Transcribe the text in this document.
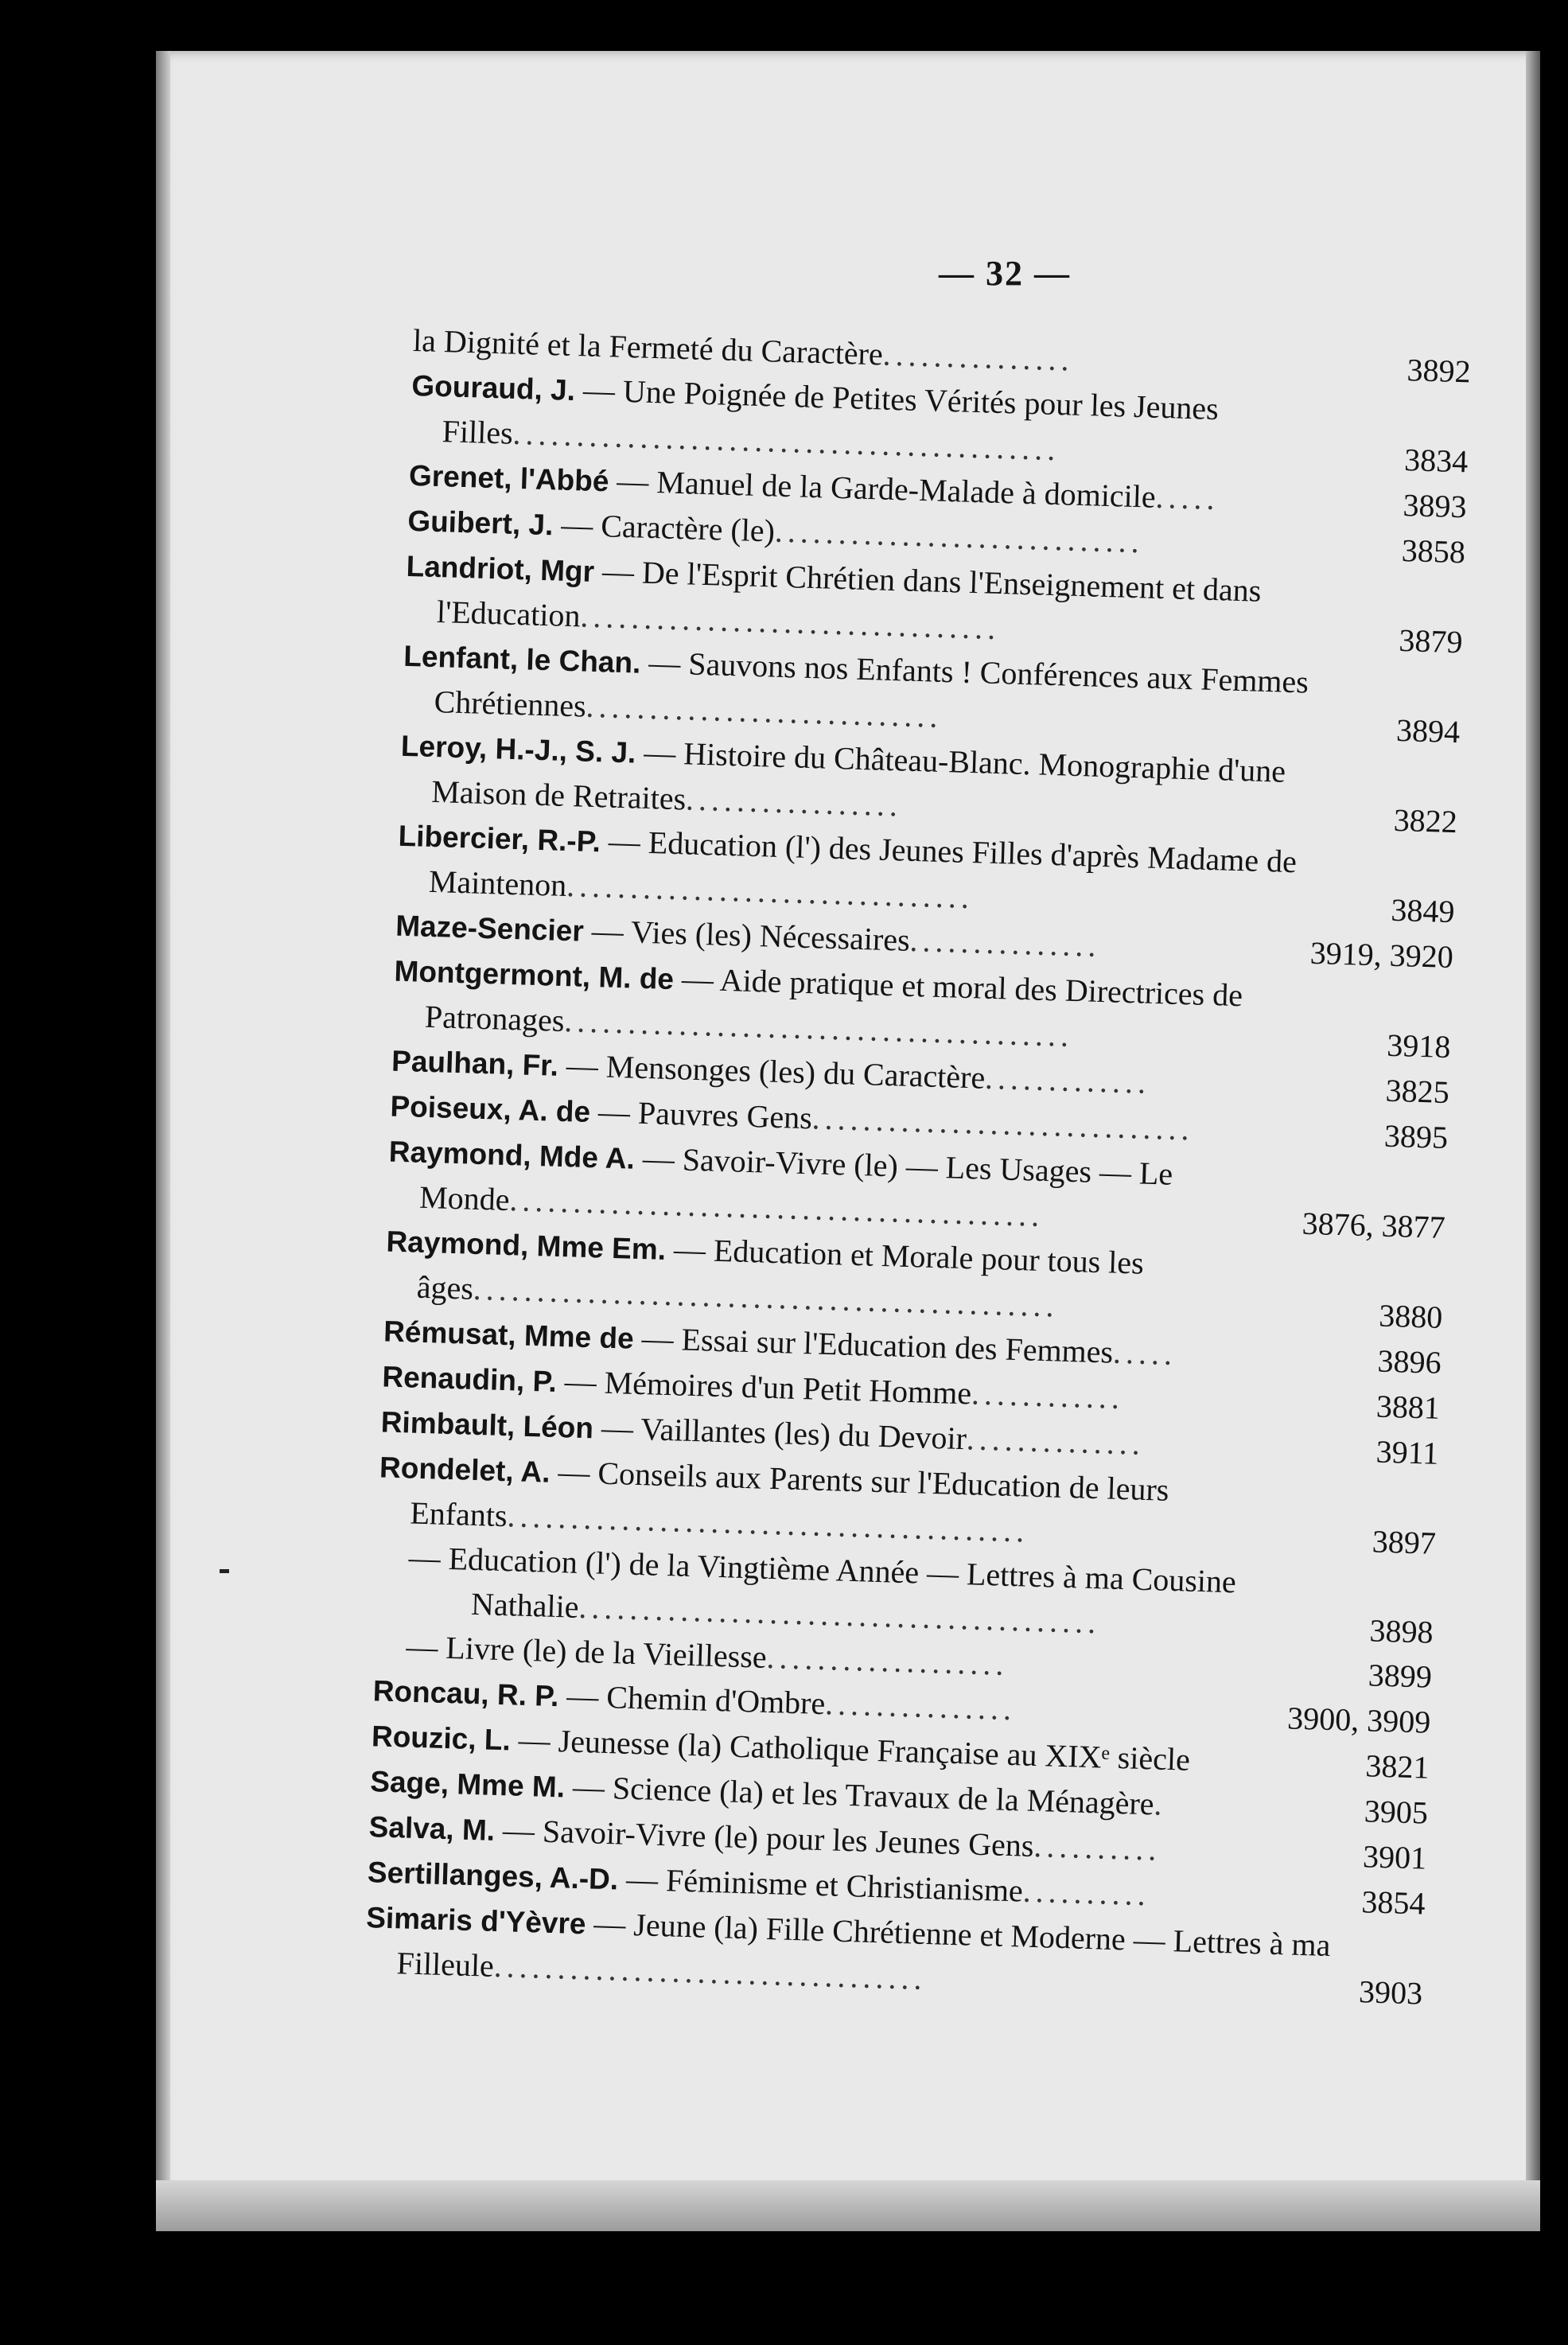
— 32 —
la Dignité et la Fermeté du Caractère...............	3892
Gouraud, J. — Une Poignée de Petites Vérités pour les Jeunes Filles...........................................	3834
Grenet, l'Abbé — Manuel de la Garde-Malade à domicile.....	3893
Guibert, J. — Caractère (le).............................	3858
Landriot, Mgr — De l'Esprit Chrétien dans l'Enseignement et dans l'Education.................................	3879
Lenfant, le Chan. — Sauvons nos Enfants ! Conférences aux Femmes Chrétiennes............................	3894
Leroy, H.-J., S. J. — Histoire du Château-Blanc. Monographie d'une Maison de Retraites.................	3822
Libercier, R.-P. — Education (l') des Jeunes Filles d'après Madame de Maintenon................................	3849
Maze-Sencier — Vies (les) Nécessaires...............	3919, 3920
Montgermont, M. de — Aide pratique et moral des Directrices de Patronages........................................	3918
Paulhan, Fr. — Mensonges (les) du Caractère.............	3825
Poiseux, A. de — Pauvres Gens..............................	3895
Raymond, Mde A. — Savoir-Vivre (le) — Les Usages — Le Monde..........................................	3876, 3877
Raymond, Mme Em. — Education et Morale pour tous les âges..............................................	3880
Rémusat, Mme de — Essai sur l'Education des Femmes.....	3896
Renaudin, P. — Mémoires d'un Petit Homme............	3881
Rimbault, Léon — Vaillantes (les) du Devoir..............	3911
Rondelet, A. — Conseils aux Parents sur l'Education de leurs Enfants.........................................	3897
— Education (l') de la Vingtième Année — Lettres à ma Cousine Nathalie.........................................	3898
— Livre (le) de la Vieillesse...................	3899
Roncau, R. P. — Chemin d'Ombre...............	3900, 3909
Rouzic, L. — Jeunesse (la) Catholique Française au XIXᵉ siècle	3821
Sage, Mme M. — Science (la) et les Travaux de la Ménagère.	3905
Salva, M. — Savoir-Vivre (le) pour les Jeunes Gens..........	3901
Sertillanges, A.-D. — Féminisme et Christianisme..........	3854
Simaris d'Yèvre — Jeune (la) Fille Chrétienne et Moderne — Lettres à ma Filleule..................................	3903
